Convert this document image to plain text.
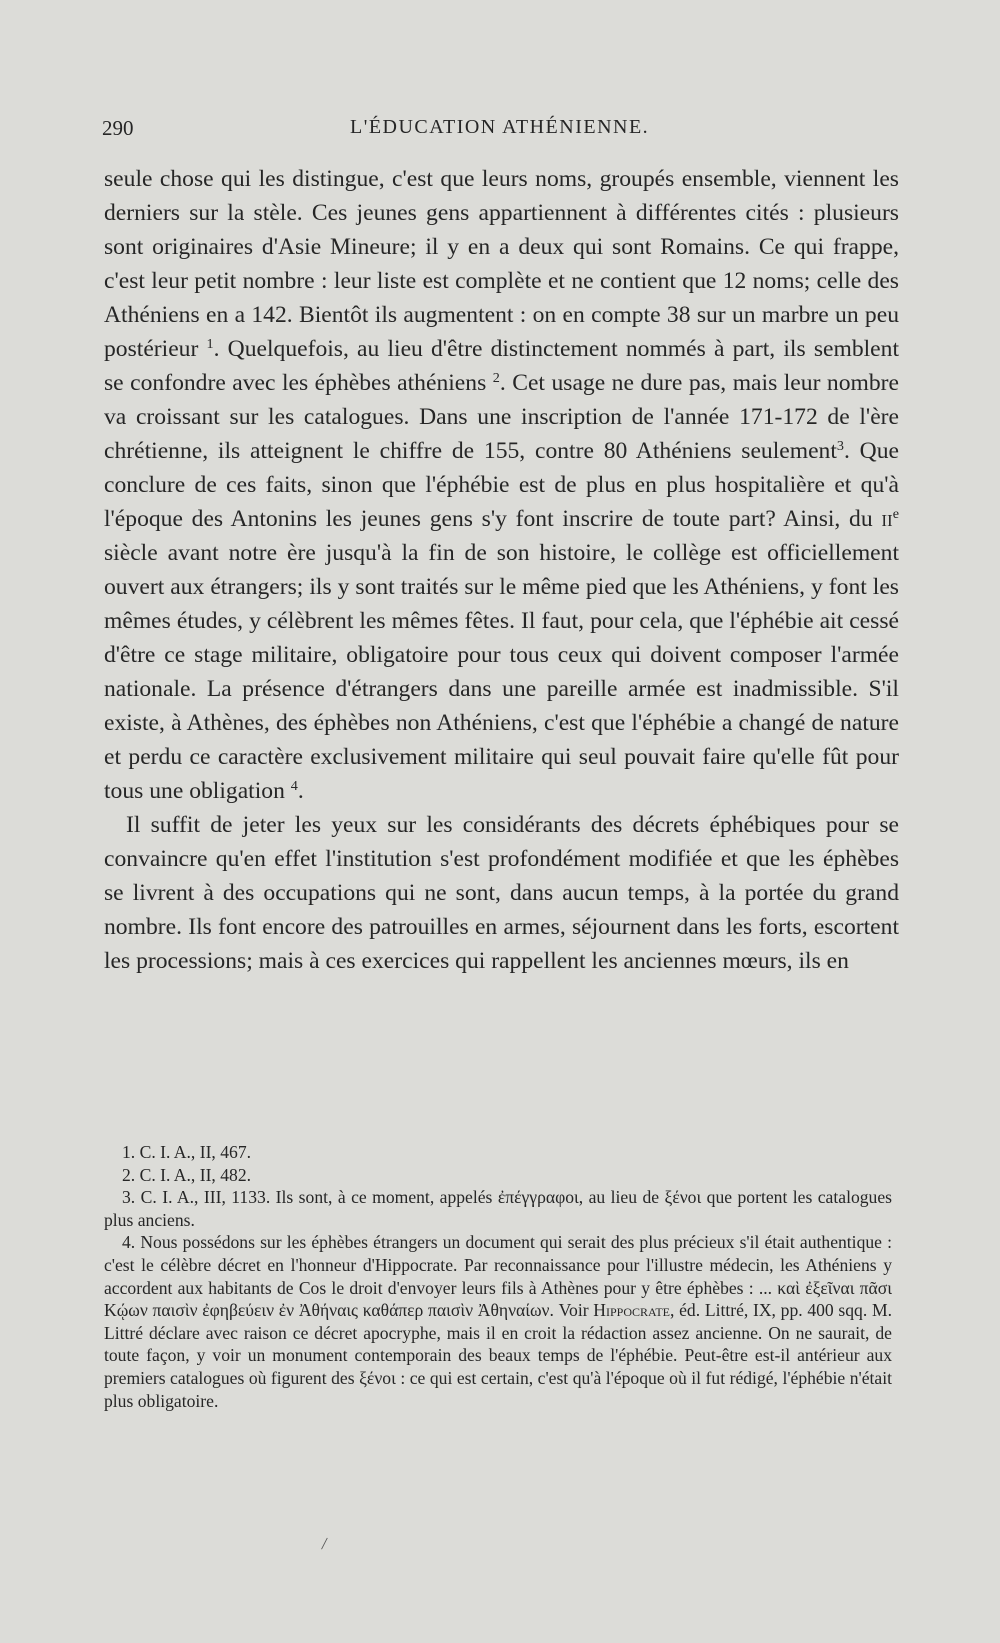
290	L'ÉDUCATION ATHÉNIENNE.

seule chose qui les distingue, c'est que leurs noms, groupés ensemble, viennent les derniers sur la stèle. Ces jeunes gens appartiennent à différentes cités : plusieurs sont originaires d'Asie Mineure; il y en a deux qui sont Romains. Ce qui frappe, c'est leur petit nombre : leur liste est complète et ne contient que 12 noms; celle des Athéniens en a 142. Bientôt ils augmentent : on en compte 38 sur un marbre un peu postérieur $^1$. Quelquefois, au lieu d'être distinctement nommés à part, ils semblent se confondre avec les éphèbes athéniens $^2$. Cet usage ne dure pas, mais leur nombre va croissant sur les catalogues. Dans une inscription de l'année 171-172 de l'ère chrétienne, ils atteignent le chiffre de 155, contre 80 Athéniens seulement$^3$. Que conclure de ces faits, sinon que l'éphébie est de plus en plus hospitalière et qu'à l'époque des Antonins les jeunes gens s'y font inscrire de toute part? Ainsi, du $ii^e$ siècle avant notre ère jusqu'à la fin de son histoire, le collège est officiellement ouvert aux étrangers; ils y sont traités sur le même pied que les Athéniens, y font les mêmes études, y célèbrent les mêmes fêtes. Il faut, pour cela, que l'éphébie ait cessé d'être ce stage militaire, obligatoire pour tous ceux qui doivent composer l'armée nationale. La présence d'étrangers dans une pareille armée est inadmissible. S'il existe, à Athènes, des éphèbes non Athéniens, c'est que l'éphébie a changé de nature et perdu ce caractère exclusivement militaire qui seul pouvait faire qu'elle fût pour tous une obligation $^4$.

Il suffit de jeter les yeux sur les considérants des décrets éphébiques pour se convaincre qu'en effet l'institution s'est profondément modifiée et que les éphèbes se livrent à des occupations qui ne sont, dans aucun temps, à la portée du grand nombre. Ils font encore des patrouilles en armes, séjournent dans les forts, escortent les processions; mais à ces exercices qui rappellent les anciennes mœurs, ils en

1. C. I. A., II, 467.

2. C. I. A., II, 482.

3. C. I. A., III, 1133. Ils sont, à ce moment, appelés ἐπέγγραφοι, au lieu de ξένοι que portent les catalogues plus anciens.

4. Nous possédons sur les éphèbes étrangers un document qui serait des plus précieux s'il était authentique : c'est le célèbre décret en l'honneur d'Hippocrate. Par reconnaissance pour l'illustre médecin, les Athéniens y accordent aux habitants de Cos le droit d'envoyer leurs fils à Athènes pour y être éphèbes : ... καὶ ἐξεῖναι πᾶσι Κῴων παισὶν ἐφηβεύειν ἐν Ἀθήναις καθάπερ παισὶν Ἀθηναίων. Voir Hippocrate, éd. Littré, IX, pp. 400 sqq. M. Littré déclare avec raison ce décret apocryphe, mais il en croit la rédaction assez ancienne. On ne saurait, de toute façon, y voir un monument contemporain des beaux temps de l'éphébie. Peut-être est-il antérieur aux premiers catalogues où figurent des ξένοι : ce qui est certain, c'est qu'à l'époque où il fut rédigé, l'éphébie n'était plus obligatoire.

/
